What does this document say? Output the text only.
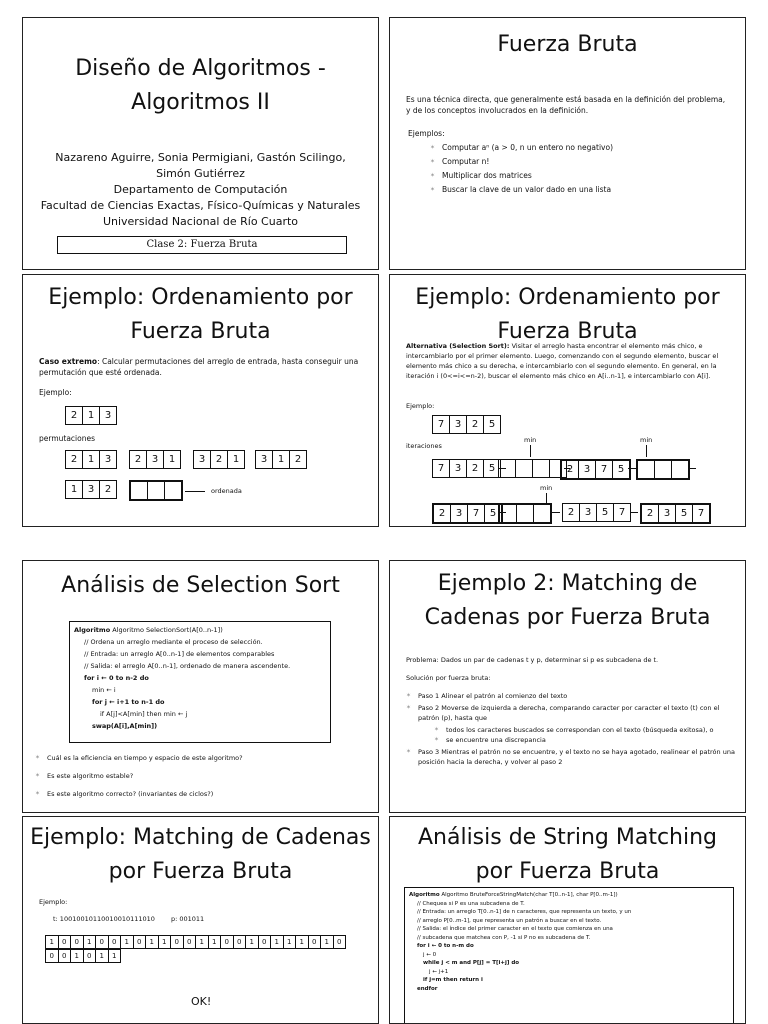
Diseño de Algoritmos -
Algoritmos II
Nazareno Aguirre, Sonia Permigiani, Gastón Scilingo,
Simón Gutiérrez
Departamento de Computación
Facultad de Ciencias Exactas, Físico-Químicas y Naturales
Universidad Nacional de Río Cuarto
Clase 2: Fuerza Bruta
Fuerza Bruta
Es una técnica directa, que generalmente está basada en la definición del problema, y de los conceptos involucrados en la definición.
Ejemplos:
✶ Computar aⁿ (a > 0, n un entero no negativo)
✶ Computar n!
✶ Multiplicar dos matrices
✶ Buscar la clave de un valor dado en una lista
Ejemplo: Ordenamiento por
Fuerza Bruta
Caso extremo: Calcular permutaciones del arreglo de entrada, hasta conseguir una permutación que esté ordenada.
Ejemplo:
2	1	3
permutaciones
2	1	3	2	3	1	3	2	1	3	1	2
1	3	2	ordenada
Ejemplo: Ordenamiento por
Fuerza Bruta
Alternativa (Selection Sort): Visitar el arreglo hasta encontrar el elemento más chico, e intercambiarlo por el primer elemento. Luego, comenzando con el segundo elemento, buscar el elemento más chico a su derecha, e intercambiarlo con el segundo elemento. En general, en la iteración i (0<=i<=n-2), buscar el elemento más chico en A[i..n-1], e intercambiarlo con A[i].
Ejemplo:
7	3	2	5
iteraciones
min	min
7	3	2	5	2	3	7	5
min
2	3	7	5	2	3	5	7	2	3	5	7
Análisis de Selection Sort
Algoritmo Algoritmo SelectionSort(A[0..n-1])
// Ordena un arreglo mediante el proceso de selección.
// Entrada: un arreglo A[0..n-1] de elementos comparables
// Salida: el arreglo A[0..n-1], ordenado de manera ascendente.
for i ← 0 to n-2 do
min ← i
for j ← i+1 to n-1 do
if A[j]<A[min] then min ← j
swap(A[i],A[min])
✶ Cuál es la eficiencia en tiempo y espacio de este algoritmo?
✶ Es este algoritmo estable?
✶ Es este algoritmo correcto? (invariantes de ciclos?)
Ejemplo 2: Matching de
Cadenas por Fuerza Bruta
Problema: Dados un par de cadenas t y p, determinar si p es subcadena de t.
Solución por fuerza bruta:
✶ Paso 1 Alinear el patrón al comienzo del texto
✶ Paso 2 Moverse de izquierda a derecha, comparando caracter por caracter el texto (t) con el patrón (p), hasta que
✶ todos los caracteres buscados se correspondan con el texto (búsqueda exitosa), o
✶ se encuentre una discrepancia
✶ Paso 3 Mientras el patrón no se encuentre, y el texto no se haya agotado, realinear el patrón una posición hacia la derecha, y volver al paso 2
Ejemplo: Matching de Cadenas
por Fuerza Bruta
Ejemplo:
t: 10010010110010010111010 p: 001011
1	0	0	1	0	0	1	0	1	1	0	0	1	1	0	0	1	0	1	1	1	0	1	0
0	0	1	0	1	1
OK!
Análisis de String Matching
por Fuerza Bruta
Algoritmo Algoritmo BruteForceStringMatch(char T[0..n-1], char P[0..m-1])
// Chequea si P es una subcadena de T.
// Entrada: un arreglo T[0..n-1] de n caracteres, que representa un texto, y un
// arreglo P[0..m-1], que representa un patrón a buscar en el texto.
// Salida: el índice del primer caracter en el texto que comienza en una
// subcadena que matchea con P, -1 si P no es subcadena de T.
for i ← 0 to n-m do
j ← 0
while j < m and P[j] = T[i+j] do
j ← j+1
if j=m then return i
endfor
